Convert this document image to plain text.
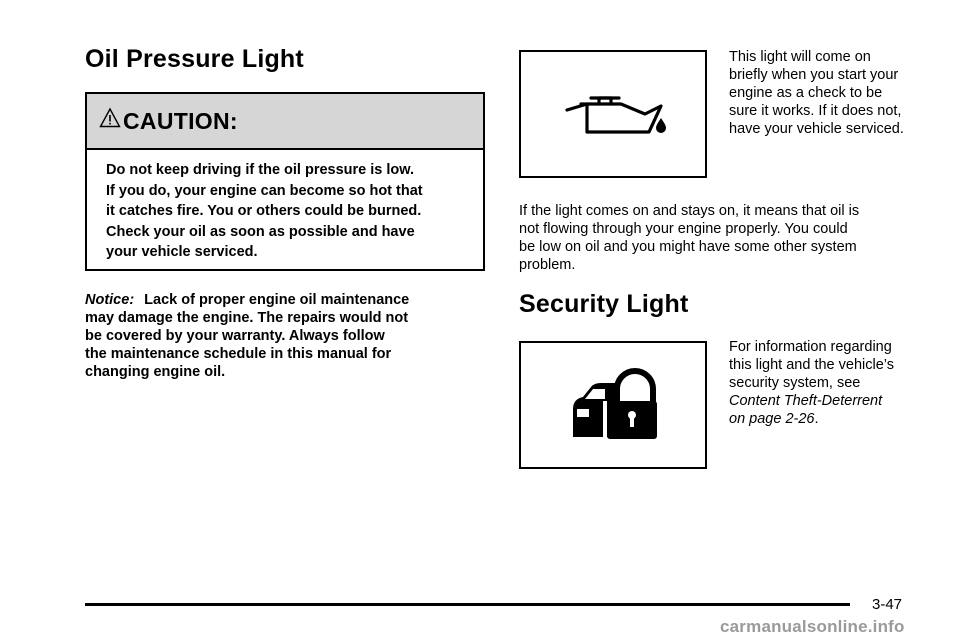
Oil Pressure Light
CAUTION:
Do not keep driving if the oil pressure is low.
If you do, your engine can become so hot that
it catches fire. You or others could be burned.
Check your oil as soon as possible and have
your vehicle serviced.
Notice: Lack of proper engine oil maintenance
may damage the engine. The repairs would not
be covered by your warranty. Always follow
the maintenance schedule in this manual for
changing engine oil.
This light will come on
briefly when you start your
engine as a check to be
sure it works. If it does not,
have your vehicle serviced.
If the light comes on and stays on, it means that oil is
not flowing through your engine properly. You could
be low on oil and you might have some other system
problem.
Security Light
For information regarding
this light and the vehicle’s
security system, see
Content Theft-Deterrent
on page 2-26.
3-47
carmanualsonline.info
